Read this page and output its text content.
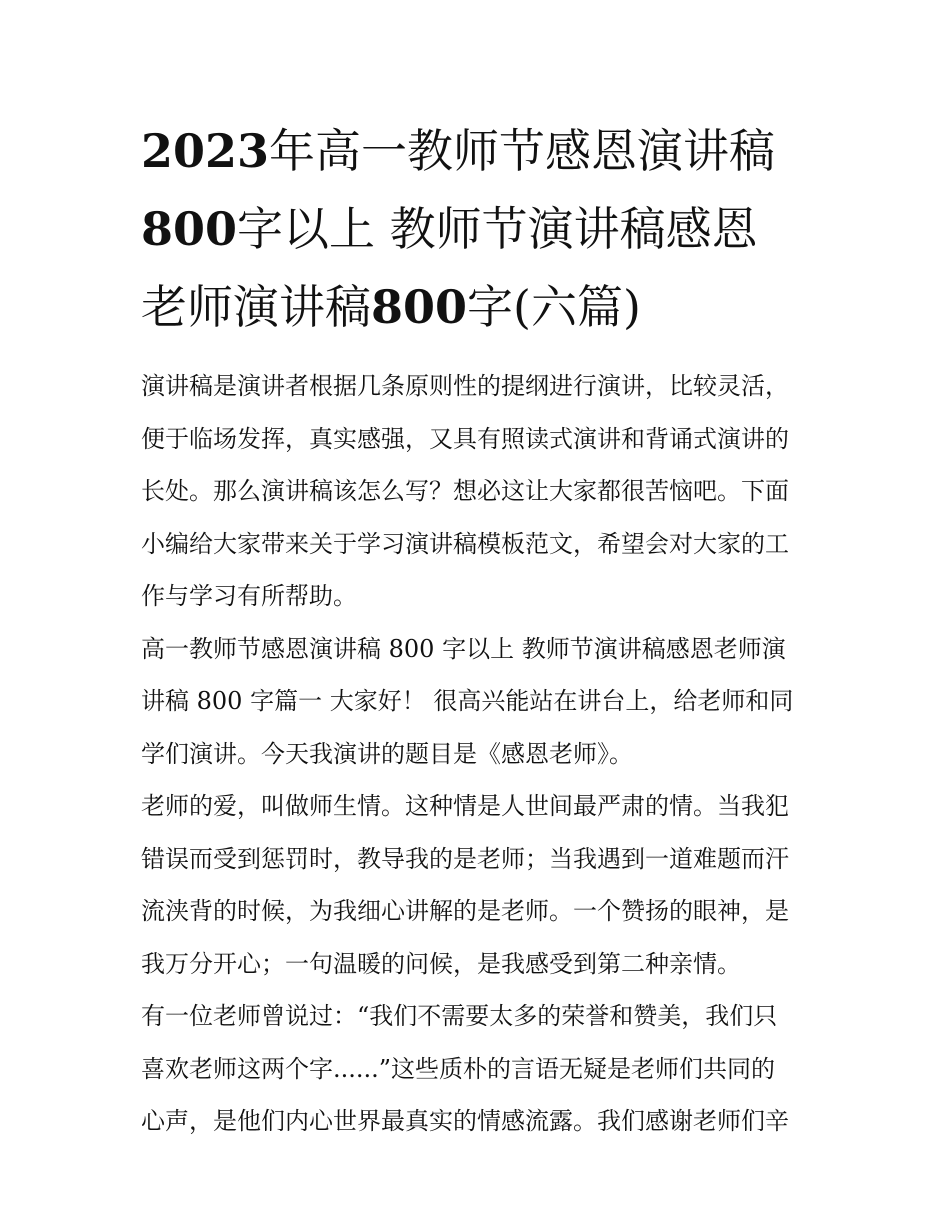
2023年高一教师节感恩演讲稿
800字以上 教师节演讲稿感恩
老师演讲稿800字(六篇)

演讲稿是演讲者根据几条原则性的提纲进行演讲，比较灵活，
便于临场发挥，真实感强，又具有照读式演讲和背诵式演讲的
长处。那么演讲稿该怎么写？想必这让大家都很苦恼吧。下面
小编给大家带来关于学习演讲稿模板范文，希望会对大家的工
作与学习有所帮助。

高一教师节感恩演讲稿 800 字以上 教师节演讲稿感恩老师演
讲稿 800 字篇一 大家好！ 很高兴能站在讲台上，给老师和同
学们演讲。今天我演讲的题目是《感恩老师》。

老师的爱，叫做师生情。这种情是人世间最严肃的情。当我犯
错误而受到惩罚时，教导我的是老师；当我遇到一道难题而汗
流浃背的时候，为我细心讲解的是老师。一个赞扬的眼神，是
我万分开心；一句温暖的问候，是我感受到第二种亲情。

有一位老师曾说过：“我们不需要太多的荣誉和赞美，我们只
喜欢老师这两个字......”这些质朴的言语无疑是老师们共同的
心声，是他们内心世界最真实的情感流露。我们感谢老师们辛
